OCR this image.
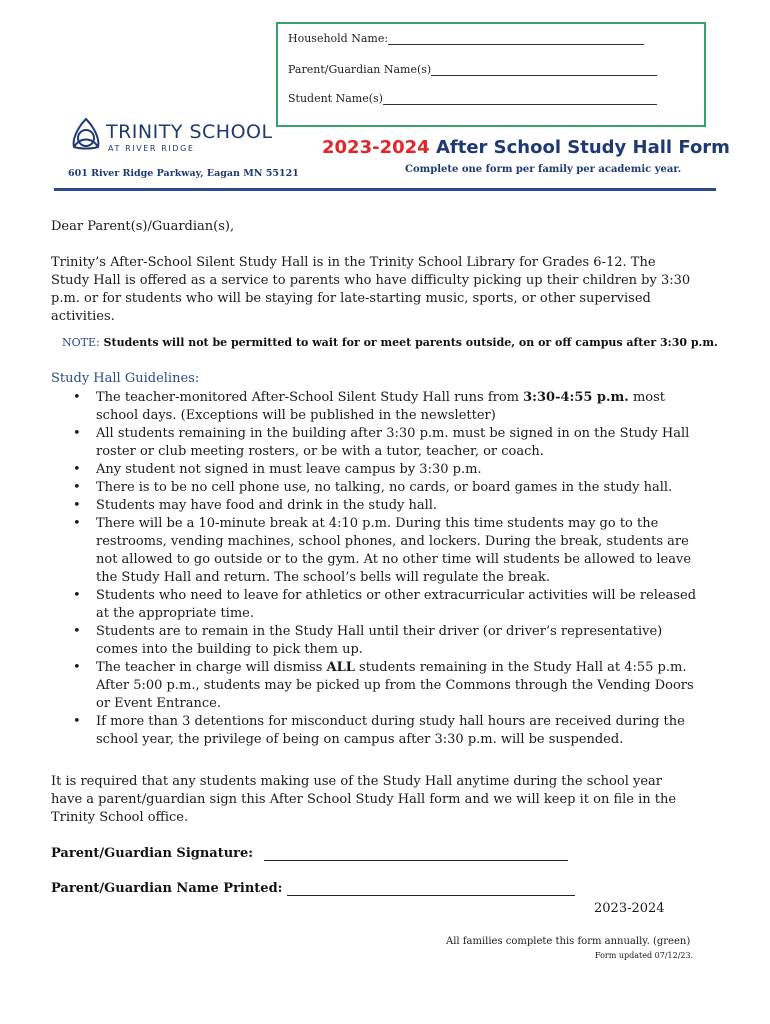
Household Name:
Parent/Guardian Name(s)
Student Name(s)
TRINITY SCHOOL
AT RIVER RIDGE
601 River Ridge Parkway, Eagan MN 55121
2023-2024 After School Study Hall Form
Complete one form per family per academic year.
Dear Parent(s)/Guardian(s),
Trinity’s After-School Silent Study Hall is in the Trinity School Library for Grades 6-12. The Study Hall is offered as a service to parents who have difficulty picking up their children by 3:30 p.m. or for students who will be staying for late-starting music, sports, or other supervised activities.
NOTE: Students will not be permitted to wait for or meet parents outside, on or off campus after 3:30 p.m.
Study Hall Guidelines:
• The teacher-monitored After-School Silent Study Hall runs from 3:30-4:55 p.m. most school days. (Exceptions will be published in the newsletter)
• All students remaining in the building after 3:30 p.m. must be signed in on the Study Hall roster or club meeting rosters, or be with a tutor, teacher, or coach.
• Any student not signed in must leave campus by 3:30 p.m.
• There is to be no cell phone use, no talking, no cards, or board games in the study hall.
• Students may have food and drink in the study hall.
• There will be a 10-minute break at 4:10 p.m. During this time students may go to the restrooms, vending machines, school phones, and lockers. During the break, students are not allowed to go outside or to the gym. At no other time will students be allowed to leave the Study Hall and return. The school’s bells will regulate the break.
• Students who need to leave for athletics or other extracurricular activities will be released at the appropriate time.
• Students are to remain in the Study Hall until their driver (or driver’s representative) comes into the building to pick them up.
• The teacher in charge will dismiss ALL students remaining in the Study Hall at 4:55 p.m. After 5:00 p.m., students may be picked up from the Commons through the Vending Doors or Event Entrance.
• If more than 3 detentions for misconduct during study hall hours are received during the school year, the privilege of being on campus after 3:30 p.m. will be suspended.
It is required that any students making use of the Study Hall anytime during the school year have a parent/guardian sign this After School Study Hall form and we will keep it on file in the Trinity School office.
Parent/Guardian Signature:
Parent/Guardian Name Printed:
2023-2024
All families complete this form annually. (green)
Form updated 07/12/23.
